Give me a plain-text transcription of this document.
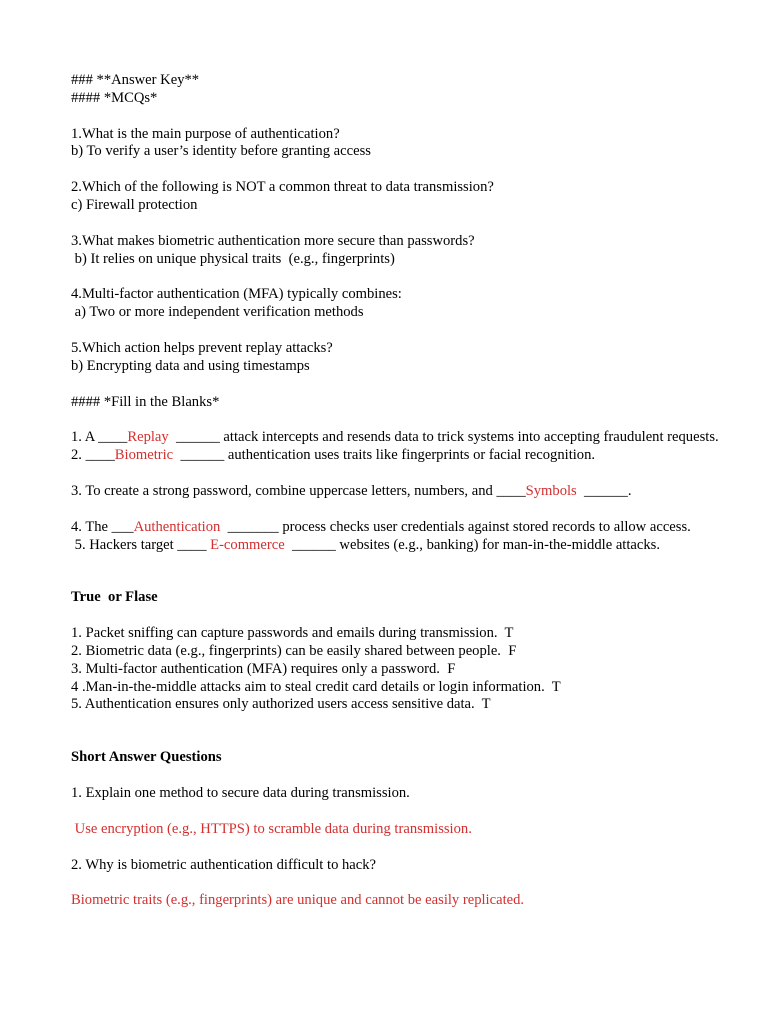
### **Answer Key**

#### *MCQs*

1.What is the main purpose of authentication?

b) To verify a user’s identity before granting access

2.Which of the following is NOT a common threat to data transmission?

c) Firewall protection

3.What makes biometric authentication more secure than passwords?

b) It relies on unique physical traits  (e.g., fingerprints)

4.Multi-factor authentication (MFA) typically combines:

a) Two or more independent verification methods

5.Which action helps prevent replay attacks?

b) Encrypting data and using timestamps

#### *Fill in the Blanks*

1. A ____Replay  ______ attack intercepts and resends data to trick systems into accepting fraudulent requests.

2. ____Biometric  ______ authentication uses traits like fingerprints or facial recognition.

3. To create a strong password, combine uppercase letters, numbers, and ____Symbols  ______.

4. The ___Authentication  _______ process checks user credentials against stored records to allow access.

5. Hackers target ____ E-commerce  ______ websites (e.g., banking) for man-in-the-middle attacks.

True  or Flase

1. Packet sniffing can capture passwords and emails during transmission.  T

2. Biometric data (e.g., fingerprints) can be easily shared between people.  F

3. Multi-factor authentication (MFA) requires only a password.  F

4 .Man-in-the-middle attacks aim to steal credit card details or login information.  T

5. Authentication ensures only authorized users access sensitive data.  T

Short Answer Questions

1. Explain one method to secure data during transmission.

Use encryption (e.g., HTTPS) to scramble data during transmission.

2. Why is biometric authentication difficult to hack?

Biometric traits (e.g., fingerprints) are unique and cannot be easily replicated.
